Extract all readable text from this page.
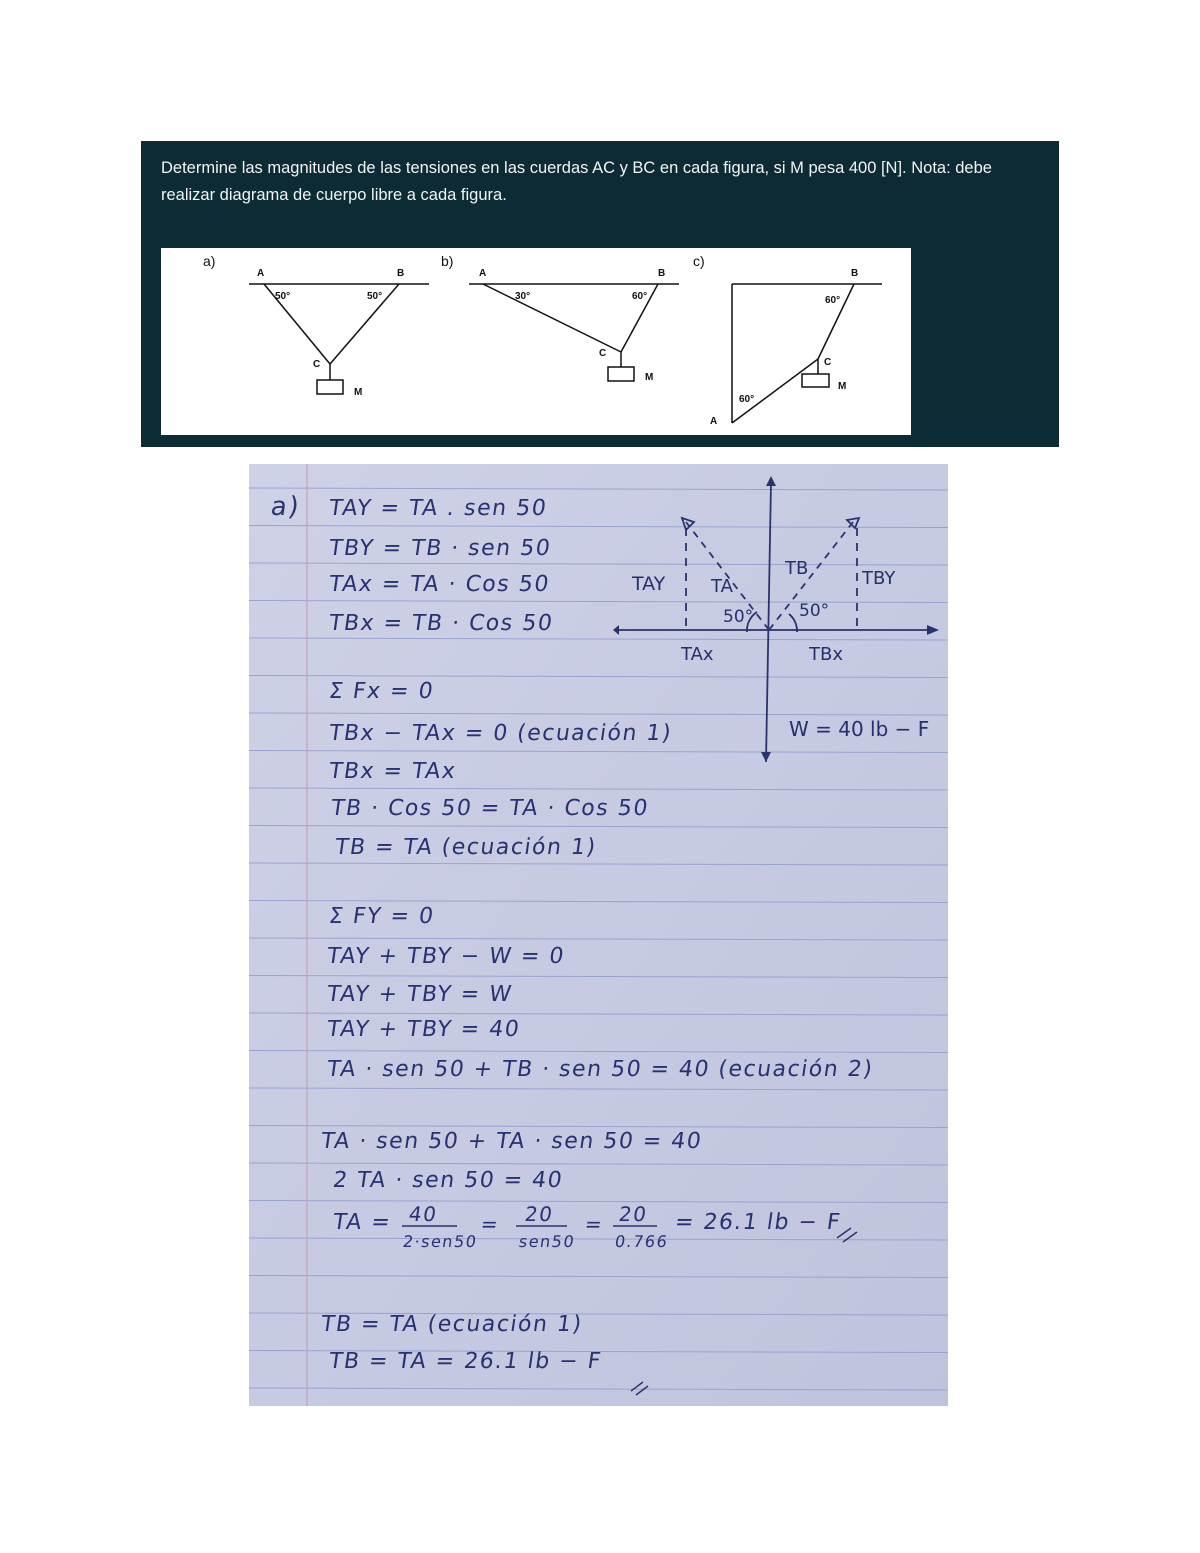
Determine las magnitudes de las tensiones en las cuerdas AC y BC en cada figura, si M pesa 400 [N]. Nota: debe realizar diagrama de cuerpo libre a cada figura.
a)
A	B
C
M
50°	50°
b)
A	B
C
M
30°	60°
c)
B
C
M
A
60°
60°
TAY	TA
TB	TBY
50°	50°
TAx	TBx
W = 40 lb − F
a) TAY = TA . sen 50
TBY = TB · sen 50
TAx = TA · Cos 50
TBx = TB · Cos 50
Σ Fx = 0
TBx − TAx = 0 (ecuación 1)
TBx = TAx
TB · Cos 50 = TA · Cos 50
TB = TA (ecuación 1)
Σ FY = 0
TAY + TBY − W = 0
TAY + TBY = W
TAY + TBY = 40
TA · sen 50 + TB · sen 50 = 40 (ecuación 2)
TA · sen 50 + TA · sen 50 = 40
2 TA · sen 50 = 40
TA = 40
2·sen50
= 20
sen50
= 20
0.766
= 26.1 lb − F
TB = TA (ecuación 1)
TB = TA = 26.1 lb − F
